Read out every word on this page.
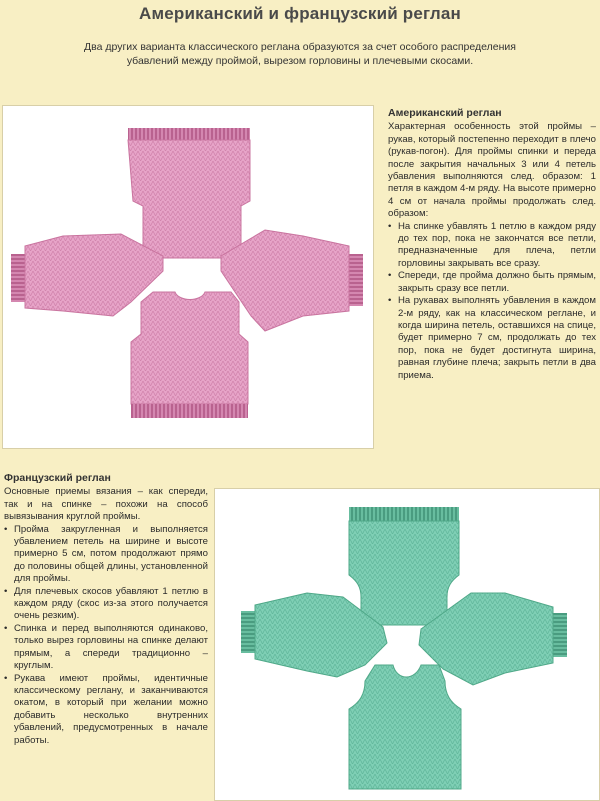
Американский и французский реглан
Два других варианта классического реглана образуются за счет особого распределения убавлений между проймой, вырезом горловины и плечевыми скосами.
Американский реглан

Характерная особенность этой проймы – рукав, который постепенно переходит в плечо (рукав-погон). Для проймы спинки и переда после закрытия начальных 3 или 4 петель убавления выполняются след. образом: 1 петля в каждом 4-м ряду. На высоте примерно 4 см от начала проймы продолжать след. образом:

• На спинке убавлять 1 петлю в каждом ряду до тех пор, пока не закончатся все петли, предназначенные для плеча, петли горловины закрывать все сразу.
• Спереди, где пройма должно быть прямым, закрыть сразу все петли.
• На рукавах выполнять убавления в каждом 2-м ряду, как на классическом реглане, и когда ширина петель, оставшихся на спице, будет примерно 7 см, продолжать до тех пор, пока не будет достигнута ширина, равная глубине плеча; закрыть петли в два приема.
Французский реглан

Основные приемы вязания – как спереди, так и на спинке – похожи на способ вывязывания круглой проймы.

• Пройма закругленная и выполняется убавлением петель на ширине и высоте примерно 5 см, потом продолжают прямо до половины общей длины, установленной для проймы.
• Для плечевых скосов убавляют 1 петлю в каждом ряду (скос из-за этого получается очень резким).
• Спинка и перед выполняются одинаково, только вырез горловины на спинке делают прямым, а спереди традиционно – круглым.
• Рукава имеют проймы, идентичные классическому реглану, и заканчиваются окатом, в который при желании можно добавить несколько внутренних убавлений, предусмотренных в начале работы.
